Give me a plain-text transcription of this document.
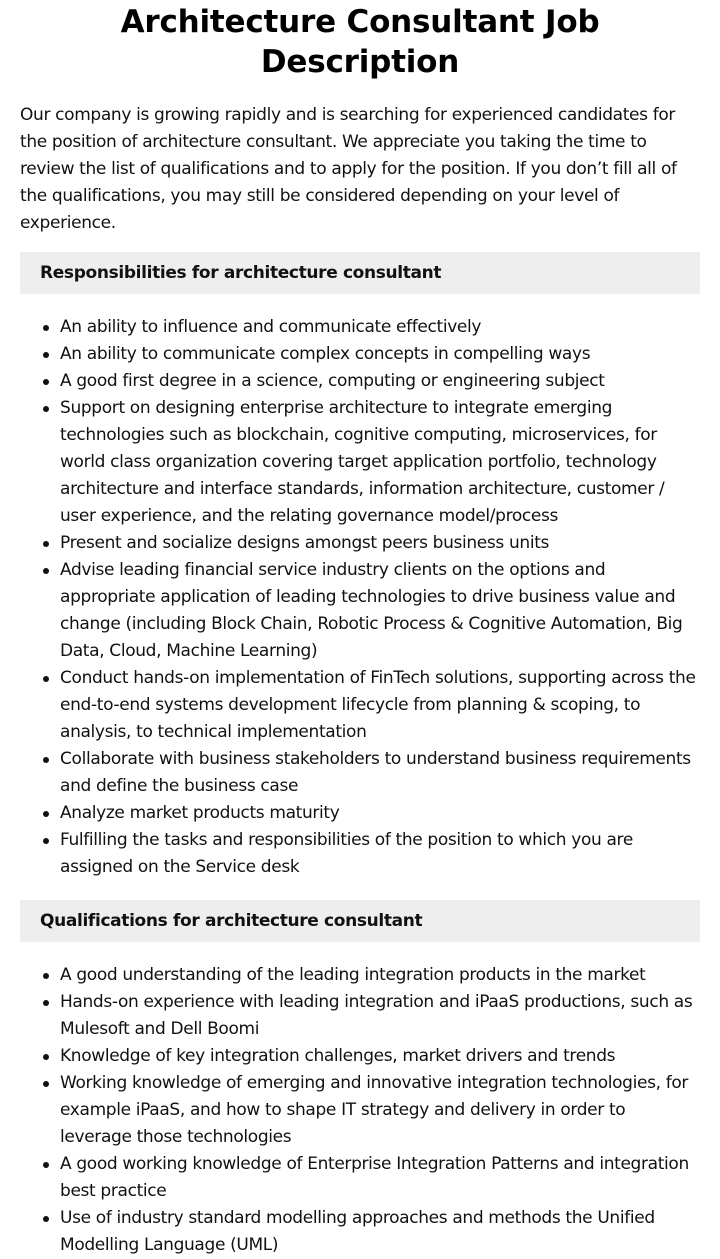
Architecture Consultant Job Description

Our company is growing rapidly and is searching for experienced candidates for the position of architecture consultant. We appreciate you taking the time to review the list of qualifications and to apply for the position. If you don’t fill all of the qualifications, you may still be considered depending on your level of experience.

Responsibilities for architecture consultant
An ability to influence and communicate effectively
An ability to communicate complex concepts in compelling ways
A good first degree in a science, computing or engineering subject
Support on designing enterprise architecture to integrate emerging technologies such as blockchain, cognitive computing, microservices, for world class organization covering target application portfolio, technology architecture and interface standards, information architecture, customer / user experience, and the relating governance model/process
Present and socialize designs amongst peers business units
Advise leading financial service industry clients on the options and appropriate application of leading technologies to drive business value and change (including Block Chain, Robotic Process & Cognitive Automation, Big Data, Cloud, Machine Learning)
Conduct hands-on implementation of FinTech solutions, supporting across the end-to-end systems development lifecycle from planning & scoping, to analysis, to technical implementation
Collaborate with business stakeholders to understand business requirements and define the business case
Analyze market products maturity
Fulfilling the tasks and responsibilities of the position to which you are assigned on the Service desk
Qualifications for architecture consultant
A good understanding of the leading integration products in the market
Hands-on experience with leading integration and iPaaS productions, such as Mulesoft and Dell Boomi
Knowledge of key integration challenges, market drivers and trends
Working knowledge of emerging and innovative integration technologies, for example iPaaS, and how to shape IT strategy and delivery in order to leverage those technologies
A good working knowledge of Enterprise Integration Patterns and integration best practice
Use of industry standard modelling approaches and methods the Unified Modelling Language (UML)
